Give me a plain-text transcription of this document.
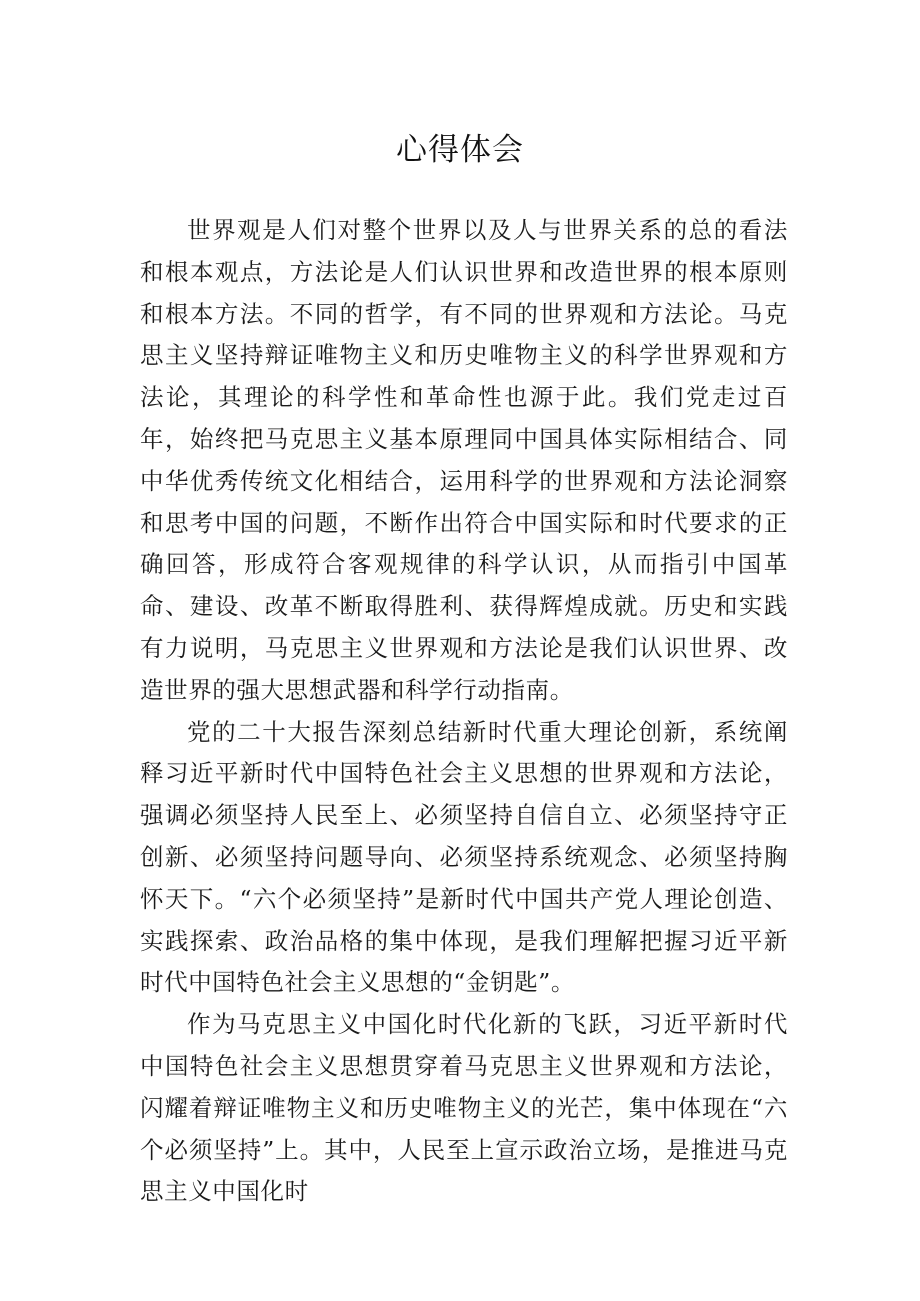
心得体会

世界观是人们对整个世界以及人与世界关系的总的看法和根本观点，方法论是人们认识世界和改造世界的根本原则和根本方法。不同的哲学，有不同的世界观和方法论。马克思主义坚持辩证唯物主义和历史唯物主义的科学世界观和方法论，其理论的科学性和革命性也源于此。我们党走过百年，始终把马克思主义基本原理同中国具体实际相结合、同中华优秀传统文化相结合，运用科学的世界观和方法论洞察和思考中国的问题，不断作出符合中国实际和时代要求的正确回答，形成符合客观规律的科学认识，从而指引中国革命、建设、改革不断取得胜利、获得辉煌成就。历史和实践有力说明，马克思主义世界观和方法论是我们认识世界、改造世界的强大思想武器和科学行动指南。

党的二十大报告深刻总结新时代重大理论创新，系统阐释习近平新时代中国特色社会主义思想的世界观和方法论，强调必须坚持人民至上、必须坚持自信自立、必须坚持守正创新、必须坚持问题导向、必须坚持系统观念、必须坚持胸怀天下。“六个必须坚持”是新时代中国共产党人理论创造、实践探索、政治品格的集中体现，是我们理解把握习近平新时代中国特色社会主义思想的“金钥匙”。

作为马克思主义中国化时代化新的飞跃，习近平新时代中国特色社会主义思想贯穿着马克思主义世界观和方法论，闪耀着辩证唯物主义和历史唯物主义的光芒，集中体现在“六个必须坚持”上。其中，人民至上宣示政治立场，是推进马克思主义中国化时
